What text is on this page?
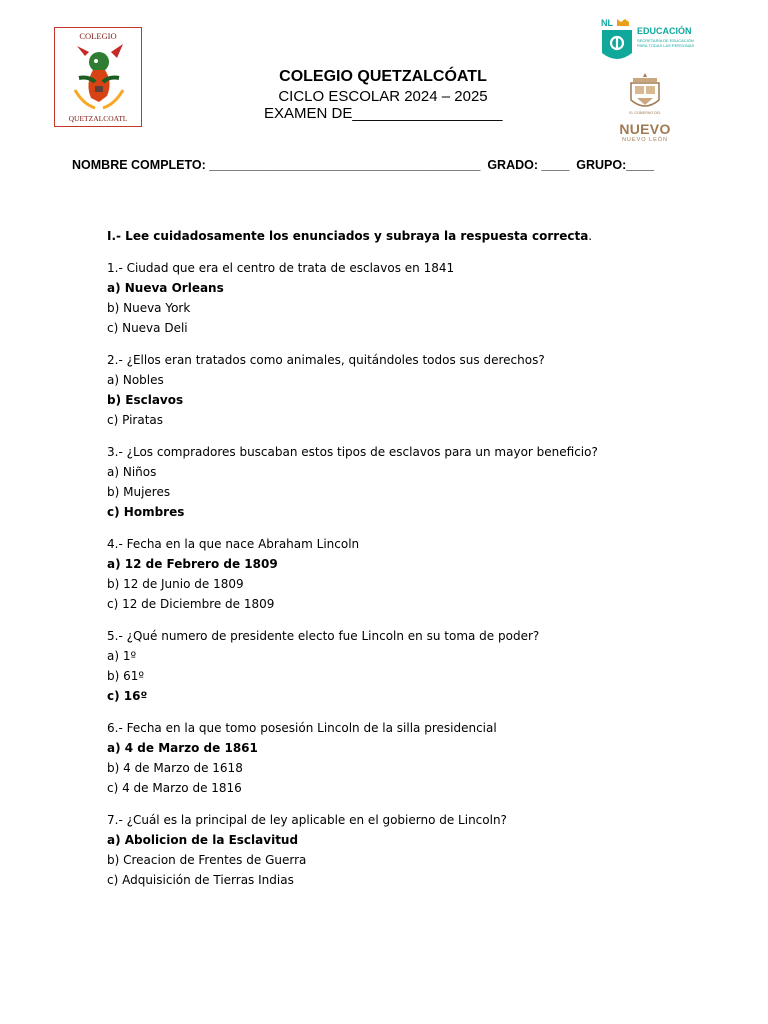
COLEGIO
QUETZALCOATL
COLEGIO QUETZALCÓATL
CICLO ESCOLAR 2024 – 2025
EXAMEN DE__________________
NL
EDUCACIÓN
SECRETARÍA DE EDUCACIÓN PARA TODAS LAS PERSONAS
EL GOBIERNO DEL
NUEVO
NUEVO LEÓN
NOMBRE COMPLETO: _______________________________________  GRADO: ____  GRUPO:____
I.- Lee cuidadosamente los enunciados y subraya la respuesta correcta.
1.- Ciudad que era el centro de trata de esclavos en 1841
a) Nueva Orleans
b) Nueva York
c) Nueva Deli
2.- ¿Ellos eran tratados como animales, quitándoles todos sus derechos?
a) Nobles
b) Esclavos
c) Piratas
3.- ¿Los compradores buscaban estos tipos de esclavos para un mayor beneficio?
a) Niños
b) Mujeres
c) Hombres
4.- Fecha en la que nace Abraham Lincoln
a) 12 de Febrero de 1809
b) 12 de Junio de 1809
c) 12 de Diciembre de 1809
5.- ¿Qué numero de presidente electo fue Lincoln en su toma de poder?
a) 1º
b) 61º
c) 16º
6.- Fecha en la que tomo posesión Lincoln de la silla presidencial
a) 4 de Marzo de 1861
b) 4 de Marzo de 1618
c) 4 de Marzo de 1816
7.- ¿Cuál es la principal de ley aplicable en el gobierno de Lincoln?
a) Abolicion de la Esclavitud
b) Creacion de Frentes de Guerra
c) Adquisición de Tierras Indias
